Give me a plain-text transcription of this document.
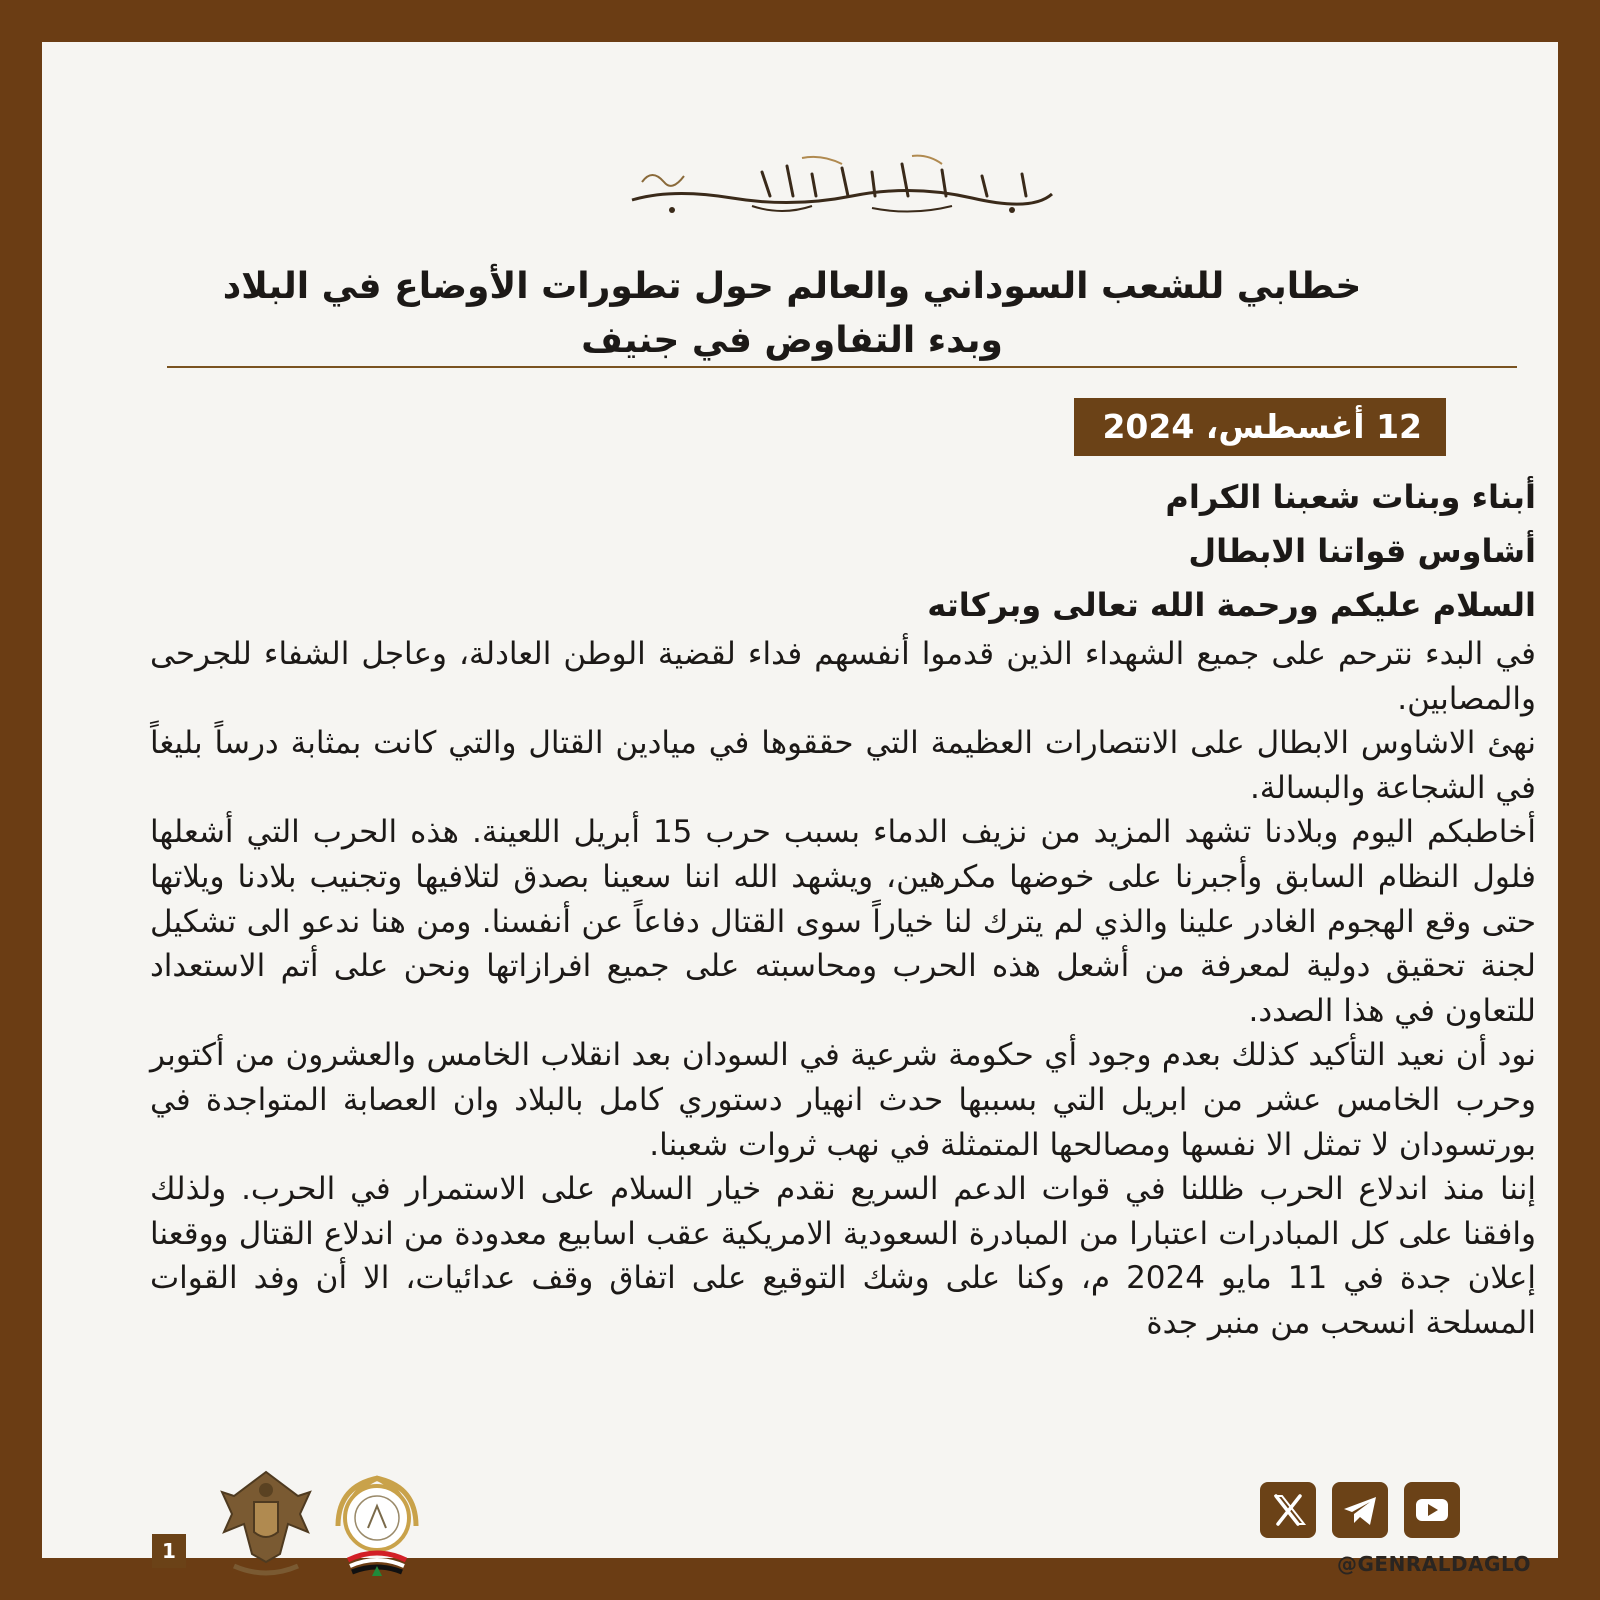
خطابي للشعب السوداني والعالم حول تطورات الأوضاع في البلاد
وبدء التفاوض في جنيف
12 أغسطس، 2024

أبناء وبنات شعبنا الكرام

أشاوس قواتنا الابطال

السلام عليكم ورحمة الله تعالى وبركاته

في البدء نترحم على جميع الشهداء الذين قدموا أنفسهم فداء لقضية الوطن العادلة، وعاجل الشفاء للجرحى والمصابين.

نهئ الاشاوس الابطال على الانتصارات العظيمة التي حققوها في ميادين القتال والتي كانت بمثابة درساً بليغاً في الشجاعة والبسالة.

أخاطبكم اليوم وبلادنا تشهد المزيد من نزيف الدماء بسبب حرب 15 أبريل اللعينة. هذه الحرب التي أشعلها فلول النظام السابق وأجبرنا على خوضها مكرهين، ويشهد الله اننا سعينا بصدق لتلافيها وتجنيب بلادنا ويلاتها حتى وقع الهجوم الغادر علينا والذي لم يترك لنا خياراً سوى القتال دفاعاً عن أنفسنا. ومن هنا ندعو الى تشكيل لجنة تحقيق دولية لمعرفة من أشعل هذه الحرب ومحاسبته على جميع افرازاتها ونحن على أتم الاستعداد للتعاون في هذا الصدد.

نود أن نعيد التأكيد كذلك بعدم وجود أي حكومة شرعية في السودان بعد انقلاب الخامس والعشرون من أكتوبر وحرب الخامس عشر من ابريل التي بسببها حدث انهيار دستوري كامل بالبلاد وان العصابة المتواجدة في بورتسودان لا تمثل الا نفسها ومصالحها المتمثلة في نهب ثروات شعبنا.

إننا منذ اندلاع الحرب ظللنا في قوات الدعم السريع نقدم خيار السلام على الاستمرار في الحرب. ولذلك وافقنا على كل المبادرات اعتبارا من المبادرة السعودية الامريكية عقب اسابيع معدودة من اندلاع القتال ووقعنا إعلان جدة في 11 مايو 2024 م، وكنا على وشك التوقيع على اتفاق وقف عدائيات، الا أن وفد القوات المسلحة انسحب من منبر جدة

1
@GENRALDAGLO
